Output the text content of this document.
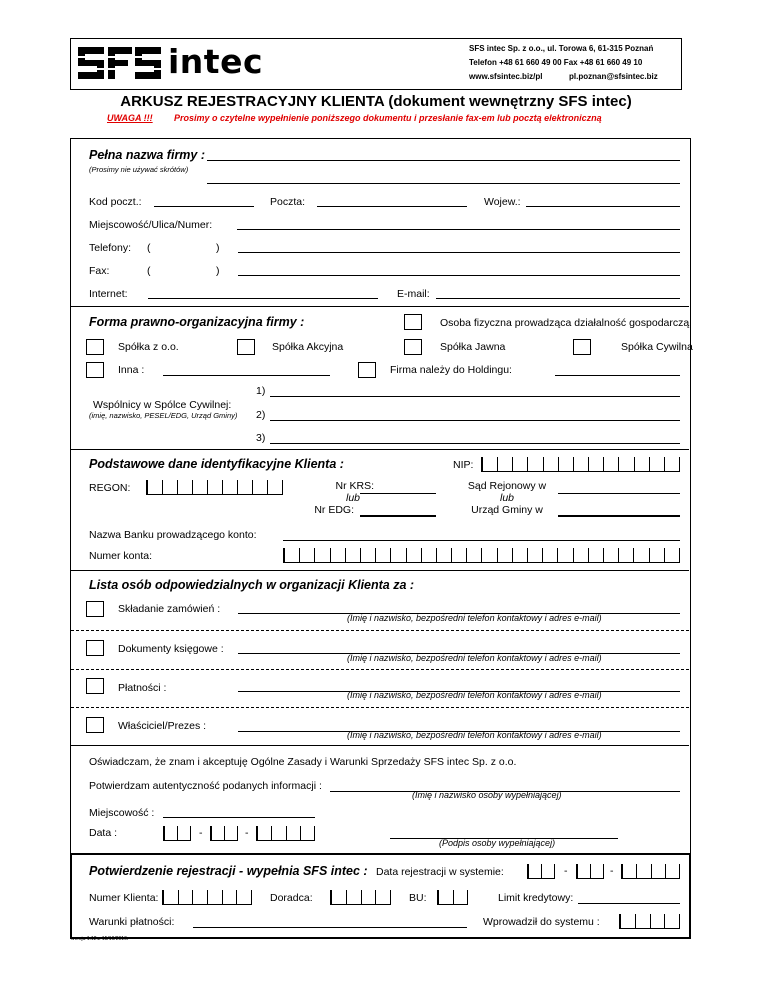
intec	SFS intec Sp. z o.o., ul. Torowa 6, 61-315 Poznań
Telefon +48 61 660 49 00 Fax +48 61 660 49 10
www.sfsintec.biz/pl	pl.poznan@sfsintec.biz
ARKUSZ REJESTRACYJNY KLIENTA (dokument wewnętrzny SFS intec)
UWAGA !!! Prosimy o czytelne wypełnienie poniższego dokumentu i przesłanie fax-em lub pocztą elektroniczną
Pełna nazwa firmy :
(Prosimy nie używać skrótów)
Kod poczt.:	Poczta:	Wojew.:
Miejscowość/Ulica/Numer:
Telefony: (	)
Fax:	(	)
Internet:	E-mail:
Forma prawno-organizacyjna firmy :	Osoba fizyczna prowadząca działalność gospodarczą
Spółka z o.o.	Spółka Akcyjna	Spółka Jawna	Spółka Cywilna
Inna :	Firma należy do Holdingu:
1)
Wspólnicy w Spólce Cywilnej:
(imię, nazwisko, PESEL/EDG, Urząd Gminy) 2)
3)
Podstawowe dane identyfikacyjne Klienta :	NIP:
REGON:	Nr KRS:
lub
Nr EDG:
Sąd Rejonowy w
lub
Urząd Gminy w
Nazwa Banku prowadzącego konto:
Numer konta:
Lista osób odpowiedzialnych w organizacji Klienta za :
Składanie zamówień :
(Imię i nazwisko, bezpośredni telefon kontaktowy i adres e-mail)
Dokumenty księgowe :
(Imię i nazwisko, bezpośredni telefon kontaktowy i adres e-mail)
Płatności :
(Imię i nazwisko, bezpośredni telefon kontaktowy i adres e-mail)
Właściciel/Prezes :
(Imię i nazwisko, bezpośredni telefon kontaktowy i adres e-mail)
Oświadczam, że znam i akceptuję Ogólne Zasady i Warunki Sprzedaży SFS intec Sp. z o.o.
Potwierdzam autentyczność podanych informacji :
(Imię i nazwisko osoby wypełniającej)
Miejscowość :
Data :	-	-
(Podpis osoby wypełniającej)
Potwierdzenie rejestracji - wypełnia SFS intec : Data rejestracji w systemie:	-	-
Numer Klienta:	Doradca:	BU:	Limit kredytowy:
Warunki płatności:	Wprowadził do systemu :
wersja 1.12.z 15/10/2010r
